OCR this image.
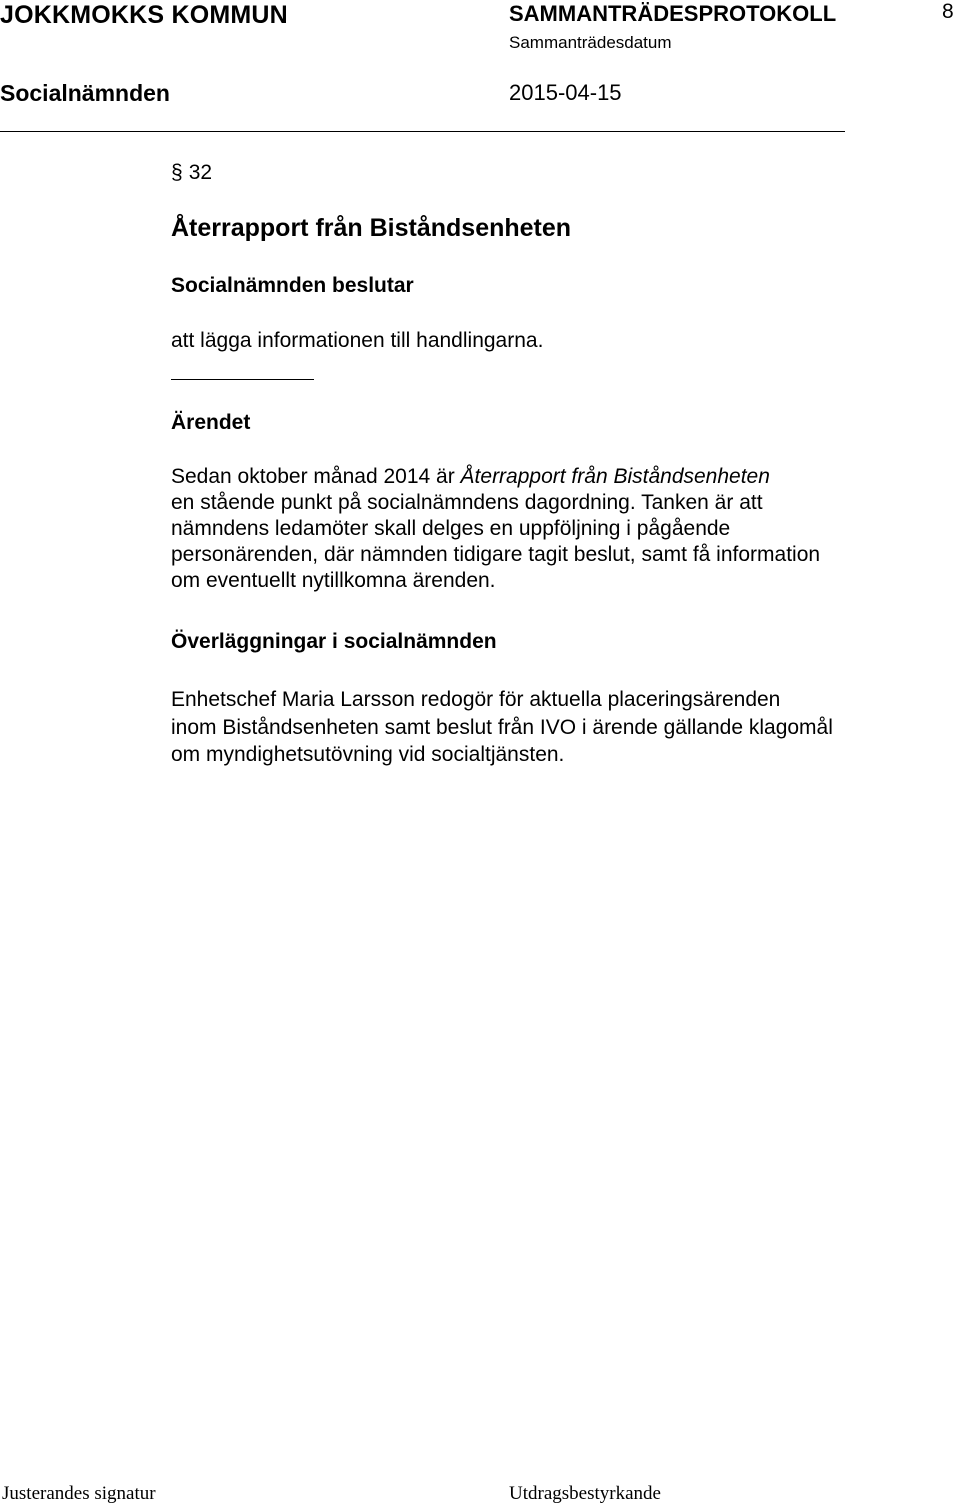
JOKKMOKKS KOMMUN	SAMMANTRÄDESPROTOKOLL	8
Sammanträdesdatum
Socialnämnden	2015-04-15
§ 32
Återrapport från Biståndsenheten
Socialnämnden beslutar
att lägga informationen till handlingarna.
Ärendet

Sedan oktober månad 2014 är Återrapport från Biståndsenheten

en stående punkt på socialnämndens dagordning. Tanken är att

nämndens ledamöter skall delges en uppföljning i pågående

personärenden, där nämnden tidigare tagit beslut, samt få information

om eventuellt nytillkomna ärenden.

Överläggningar i socialnämnden

Enhetschef Maria Larsson redogör för aktuella placeringsärenden

inom Biståndsenheten samt beslut från IVO i ärende gällande klagomål

om myndighetsutövning vid socialtjänsten.

Justerandes signatur	Utdragsbestyrkande
